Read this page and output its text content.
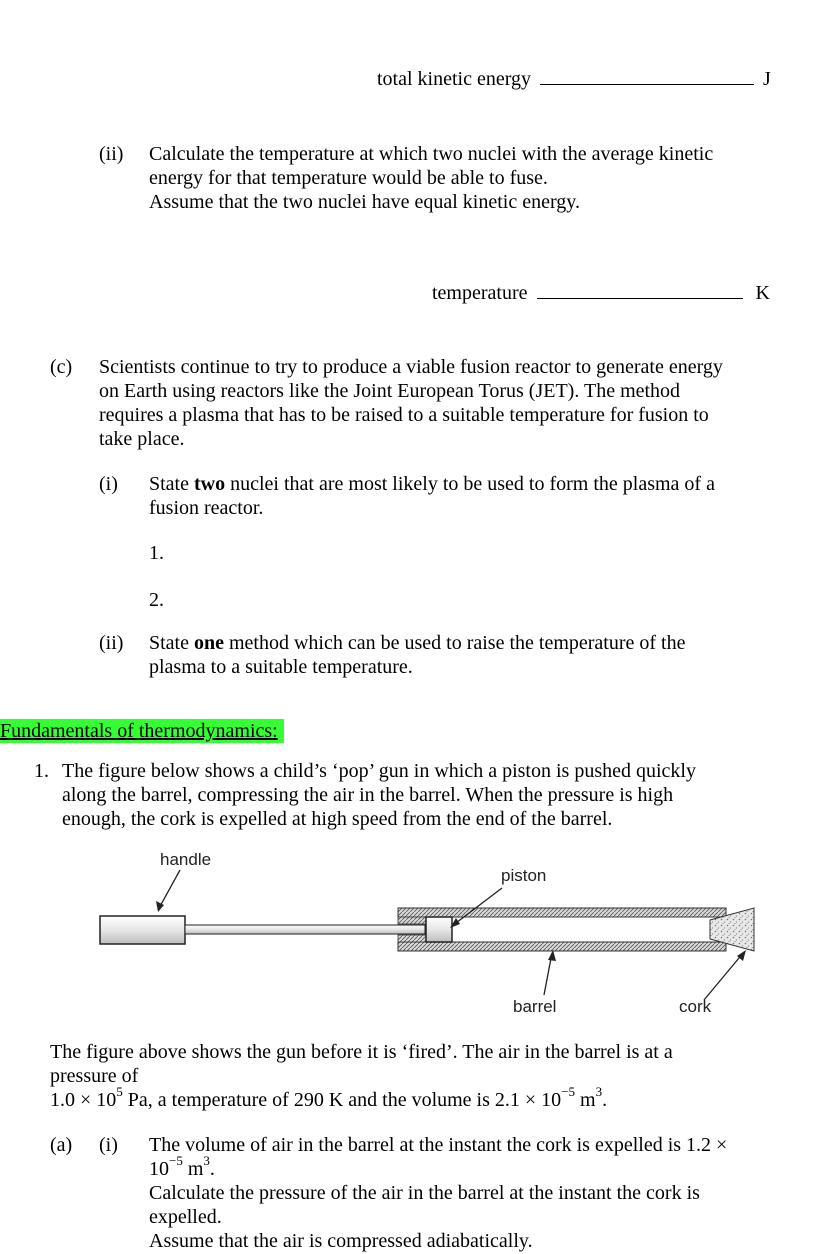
total kinetic energy	J
(ii) Calculate the temperature at which two nuclei with the average kinetic
energy for that temperature would be able to fuse.
Assume that the two nuclei have equal kinetic energy.
temperature	K
(c) Scientists continue to try to produce a viable fusion reactor to generate energy
on Earth using reactors like the Joint European Torus (JET). The method
requires a plasma that has to be raised to a suitable temperature for fusion to
take place.
(i) State two nuclei that are most likely to be used to form the plasma of a
fusion reactor.
1.
2.
(ii) State one method which can be used to raise the temperature of the
plasma to a suitable temperature.
Fundamentals of thermodynamics:
1. The figure below shows a child’s ‘pop’ gun in which a piston is pushed quickly
along the barrel, compressing the air in the barrel. When the pressure is high
enough, the cork is expelled at high speed from the end of the barrel.
handle
piston
barrel	cork
The figure above shows the gun before it is ‘fired’. The air in the barrel is at a
pressure of
$1.0 \times 10^5$ Pa, a temperature of 290 K and the volume is $2.1 \times 10^{-5}$ $m^3$.
(a) (i) The volume of air in the barrel at the instant the cork is expelled is 1.2 ×
$10^{-5}$ $m^3$.
Calculate the pressure of the air in the barrel at the instant the cork is
expelled.
Assume that the air is compressed adiabatically.
